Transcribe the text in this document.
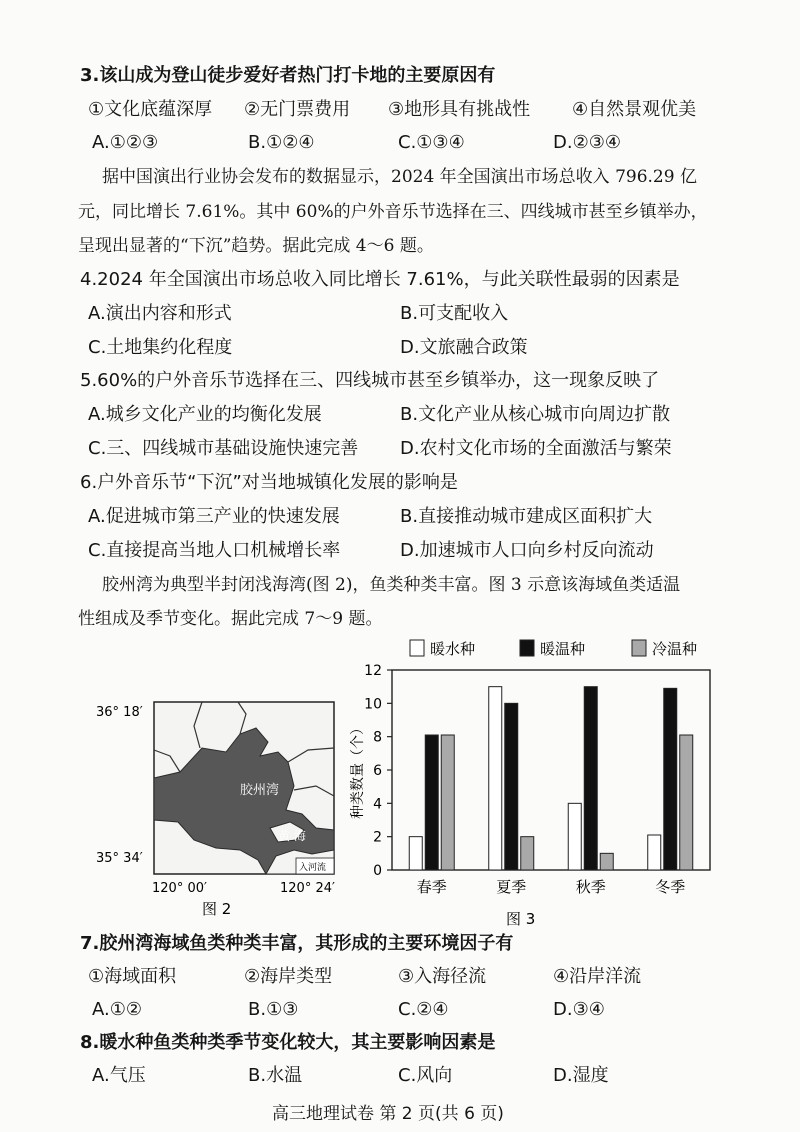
3.该山成为登山徒步爱好者热门打卡地的主要原因有
①文化底蕴深厚 ②无门票费用 ③地形具有挑战性 ④自然景观优美
A.①②③	B.①②④	C.①③④	D.②③④
据中国演出行业协会发布的数据显示，2024 年全国演出市场总收入 796.29 亿
元，同比增长 7.61%。其中 60%的户外音乐节选择在三、四线城市甚至乡镇举办，
呈现出显著的“下沉”趋势。据此完成 4～6 题。
4.2024 年全国演出市场总收入同比增长 7.61%，与此关联性最弱的因素是
A.演出内容和形式	B.可支配收入
C.土地集约化程度	D.文旅融合政策
5.60%的户外音乐节选择在三、四线城市甚至乡镇举办，这一现象反映了
A.城乡文化产业的均衡化发展	B.文化产业从核心城市向周边扩散
C.三、四线城市基础设施快速完善 D.农村文化市场的全面激活与繁荣
6.户外音乐节“下沉”对当地城镇化发展的影响是
A.促进城市第三产业的快速发展	B.直接推动城市建成区面积扩大
C.直接提高当地人口机械增长率	D.加速城市人口向乡村反向流动
胶州湾为典型半封闭浅海湾(图 2)，鱼类种类丰富。图 3 示意该海域鱼类适温
性组成及季节变化。据此完成 7～9 题。
36° 18′
35° 34′
胶州湾
黄 海
入河流
120° 00′	120° 24′
图 2
暖水种	暖温种	冷温种
0
2
4
6
8
10
12
春季	夏季	秋季	冬季
种类数量（个）
图 3
7.胶州湾海域鱼类种类丰富，其形成的主要环境因子有
①海域面积	②海岸类型	③入海径流	④沿岸洋流
A.①②	B.①③	C.②④	D.③④
8.暖水种鱼类种类季节变化较大，其主要影响因素是
A.气压	B.水温	C.风向	D.湿度
高三地理试卷 第 2 页(共 6 页)
